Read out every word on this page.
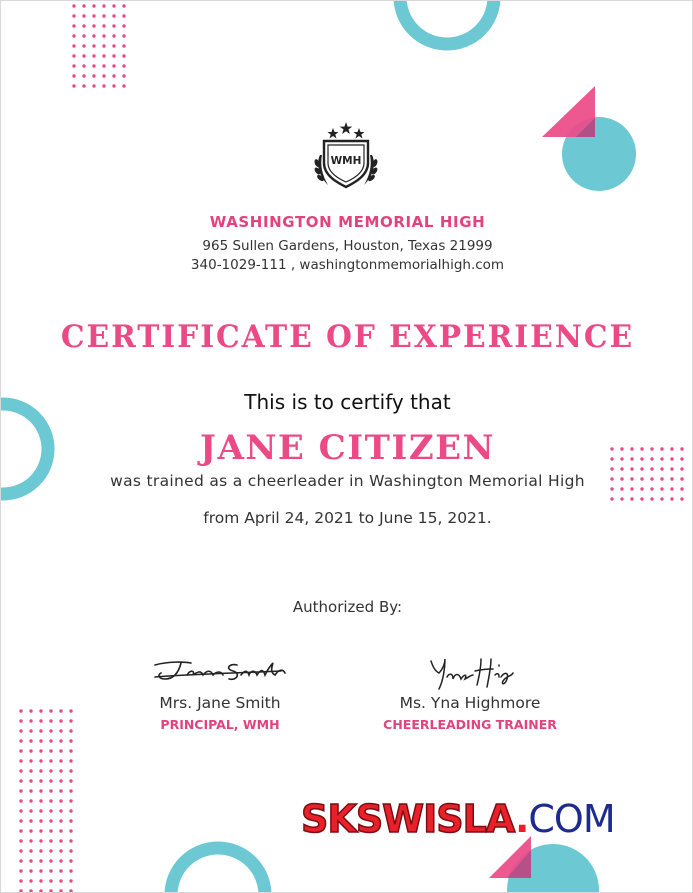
WMH
WASHINGTON MEMORIAL HIGH
965 Sullen Gardens, Houston, Texas 21999
340-1029-111 , washingtonmemorialhigh.com
CERTIFICATE OF EXPERIENCE
This is to certify that
JANE CITIZEN
was trained as a cheerleader in Washington Memorial High
from April 24, 2021 to June 15, 2021.
Authorized By:
Mrs. Jane Smith
PRINCIPAL, WMH
Ms. Yna Highmore
CHEERLEADING TRAINER
SKSWISLA.COM
